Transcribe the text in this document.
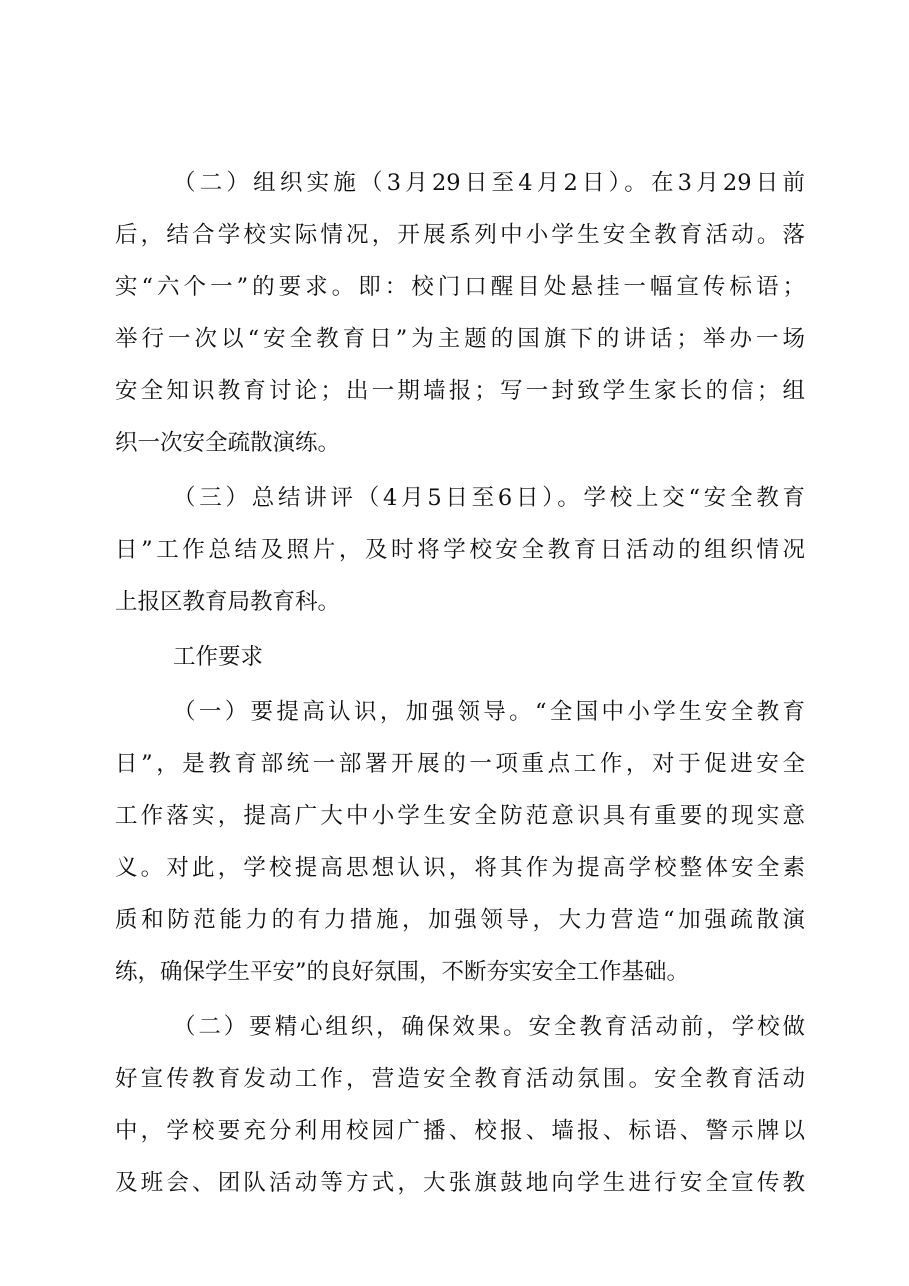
（二）组织实施（3月29日至4月2日）。在3月29日前
后，结合学校实际情况，开展系列中小学生安全教育活动。落
实“六个一”的要求。即：校门口醒目处悬挂一幅宣传标语；
举行一次以“安全教育日”为主题的国旗下的讲话；举办一场
安全知识教育讨论；出一期墙报；写一封致学生家长的信；组
织一次安全疏散演练。
（三）总结讲评（4月5日至6日）。学校上交“安全教育
日”工作总结及照片，及时将学校安全教育日活动的组织情况
上报区教育局教育科。
工作要求
（一）要提高认识，加强领导。“全国中小学生安全教育
日”，是教育部统一部署开展的一项重点工作，对于促进安全
工作落实，提高广大中小学生安全防范意识具有重要的现实意
义。对此，学校提高思想认识，将其作为提高学校整体安全素
质和防范能力的有力措施，加强领导，大力营造“加强疏散演
练，确保学生平安”的良好氛围，不断夯实安全工作基础。
（二）要精心组织，确保效果。安全教育活动前，学校做
好宣传教育发动工作，营造安全教育活动氛围。安全教育活动
中，学校要充分利用校园广播、校报、墙报、标语、警示牌以
及班会、团队活动等方式，大张旗鼓地向学生进行安全宣传教
